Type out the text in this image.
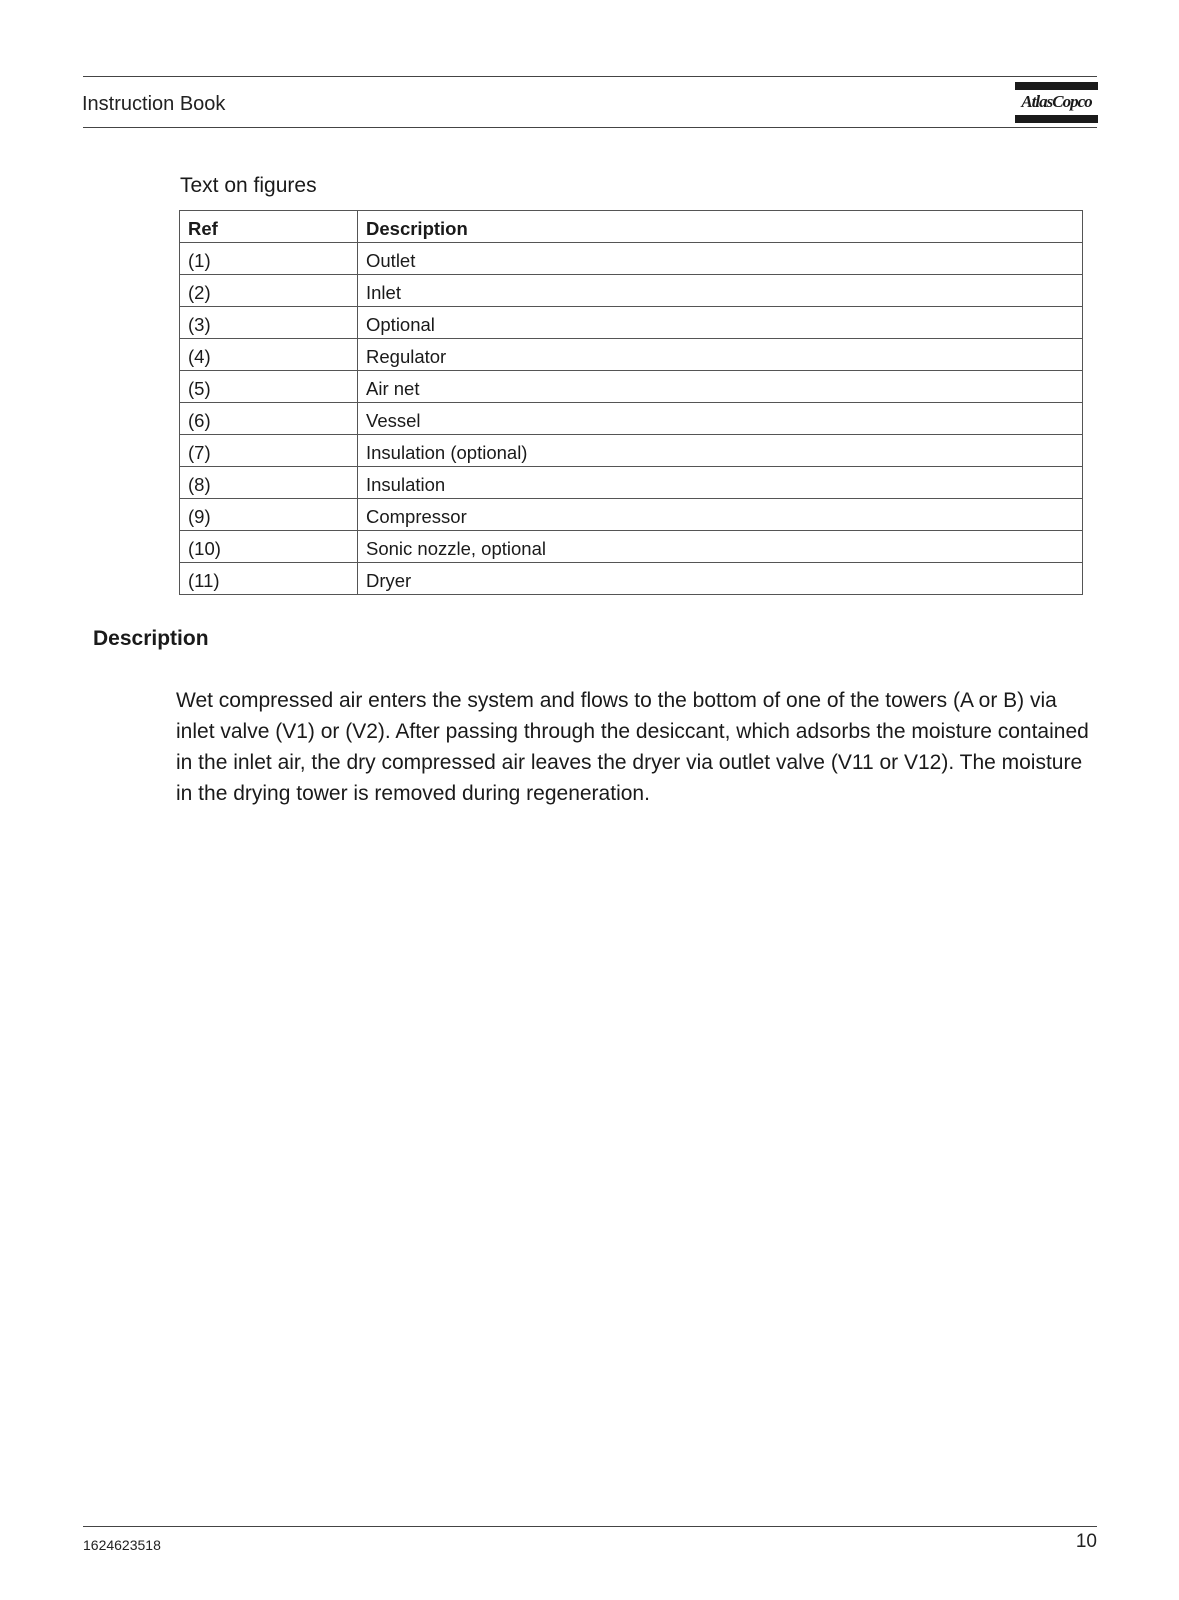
Instruction Book	AtlasCopco
Text on figures
Ref	Description
(1)	Outlet
(2)	Inlet
(3)	Optional
(4)	Regulator
(5)	Air net
(6)	Vessel
(7)	Insulation (optional)
(8)	Insulation
(9)	Compressor
(10)	Sonic nozzle, optional
(11)	Dryer
Description

Wet compressed air enters the system and flows to the bottom of one of the towers (A or B) via inlet valve (V1) or (V2). After passing through the desiccant, which adsorbs the moisture contained in the inlet air, the dry compressed air leaves the dryer via outlet valve (V11 or V12). The moisture in the drying tower is removed during regeneration.

1624623518	10
